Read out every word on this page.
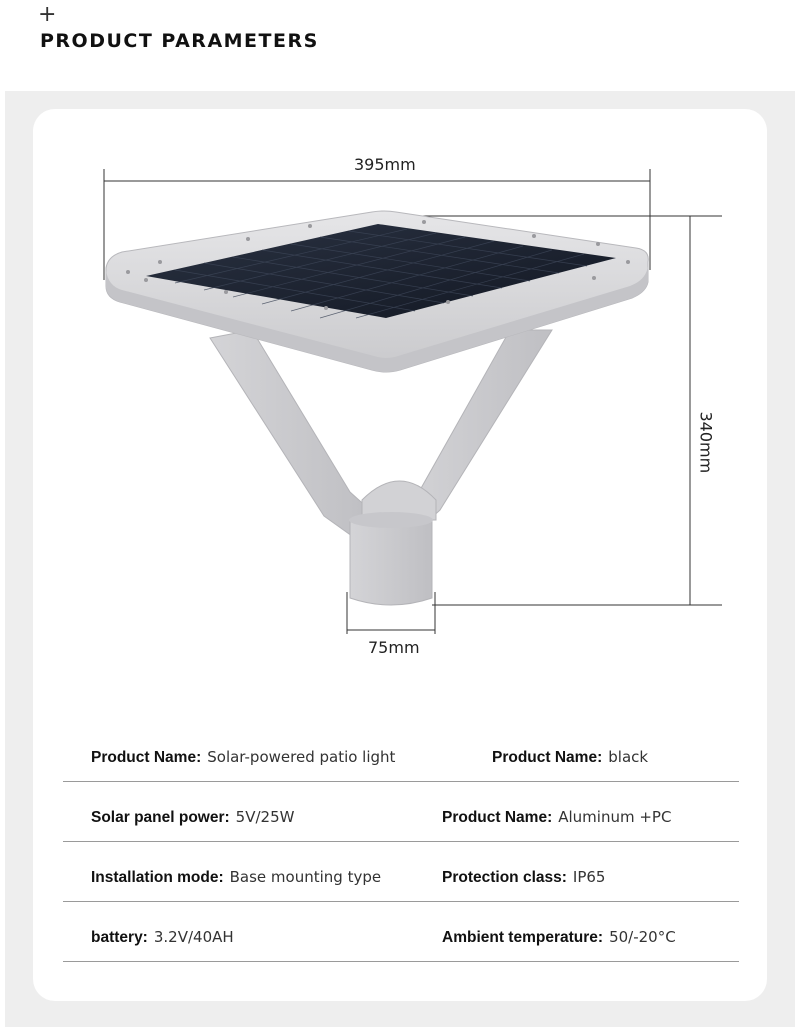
+
PRODUCT PARAMETERS
395mm
340mm
75mm
Product Name: Solar-powered patio light	Product Name: black
Solar panel power: 5V/25W	Product Name: Aluminum +PC
Installation mode: Base mounting type	Protection class: IP65
battery: 3.2V/40AH	Ambient temperature: 50/-20°C
